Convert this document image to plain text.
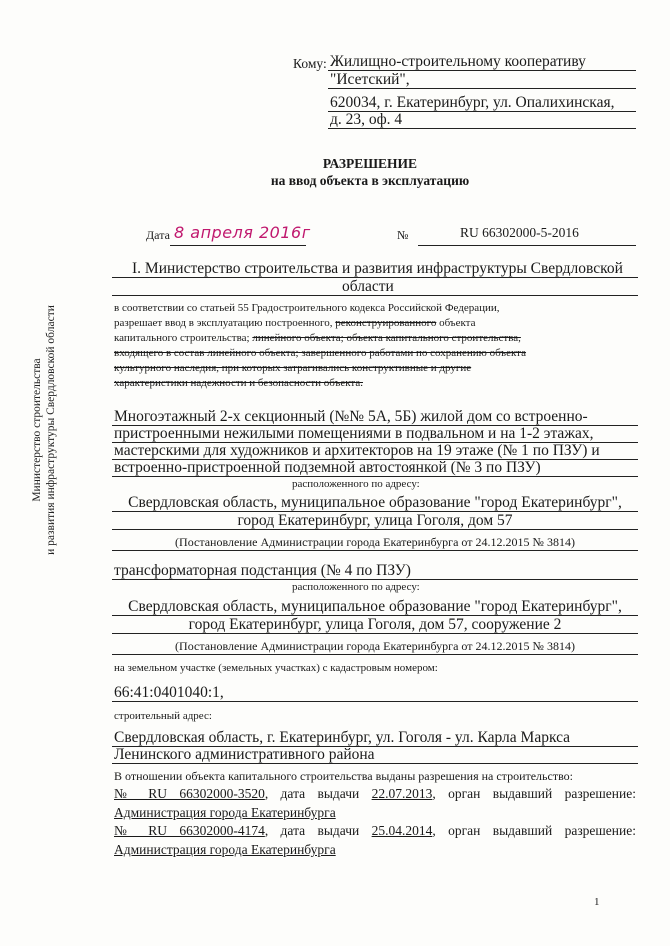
Министерство строительства и развития инфраструктуры Свердловской области
Кому: Жилищно-строительному кооперативу
"Исетский",
620034, г. Екатеринбург, ул. Опалихинская,
д. 23, оф. 4
РАЗРЕШЕНИЕ
на ввод объекта в эксплуатацию
Дата 8 апреля 2016г	№	RU 66302000-5-2016
I. Министерство строительства и развития инфраструктуры Свердловской
области
в соответствии со статьей 55 Градостроительного кодекса Российской Федерации,
разрешает ввод в эксплуатацию построенного, реконструированного объекта
капитального строительства; линейного объекта; объекта капитального строительства,
входящего в состав линейного объекта; завершенного работами по сохранению объекта
культурного наследия, при которых затрагивались конструктивные и другие
характеристики надежности и безопасности объекта.
Многоэтажный 2-х секционный (№№ 5А, 5Б) жилой дом со встроенно-
пристроенными нежилыми помещениями в подвальном и на 1-2 этажах,
мастерскими для художников и архитекторов на 19 этаже (№ 1 по ПЗУ) и
встроенно-пристроенной подземной автостоянкой (№ 3 по ПЗУ)
расположенного по адресу:
Свердловская область, муниципальное образование "город Екатеринбург",
город Екатеринбург, улица Гоголя, дом 57
(Постановление Администрации города Екатеринбурга от 24.12.2015 № 3814)
трансформаторная подстанция (№ 4 по ПЗУ)
расположенного по адресу:
Свердловская область, муниципальное образование "город Екатеринбург",
город Екатеринбург, улица Гоголя, дом 57, сооружение 2
(Постановление Администрации города Екатеринбурга от 24.12.2015 № 3814)
на земельном участке (земельных участках) с кадастровым номером:
66:41:0401040:1,
строительный адрес:
Свердловская область, г. Екатеринбург, ул. Гоголя - ул. Карла Маркса
Ленинского административного района
В отношении объекта капитального строительства выданы разрешения на строительство:
№ RU 66302000-3520, дата выдачи 22.07.2013, орган выдавший разрешение:
Администрация города Екатеринбурга
№ RU 66302000-4174, дата выдачи 25.04.2014, орган выдавший разрешение:
Администрация города Екатеринбурга
1
